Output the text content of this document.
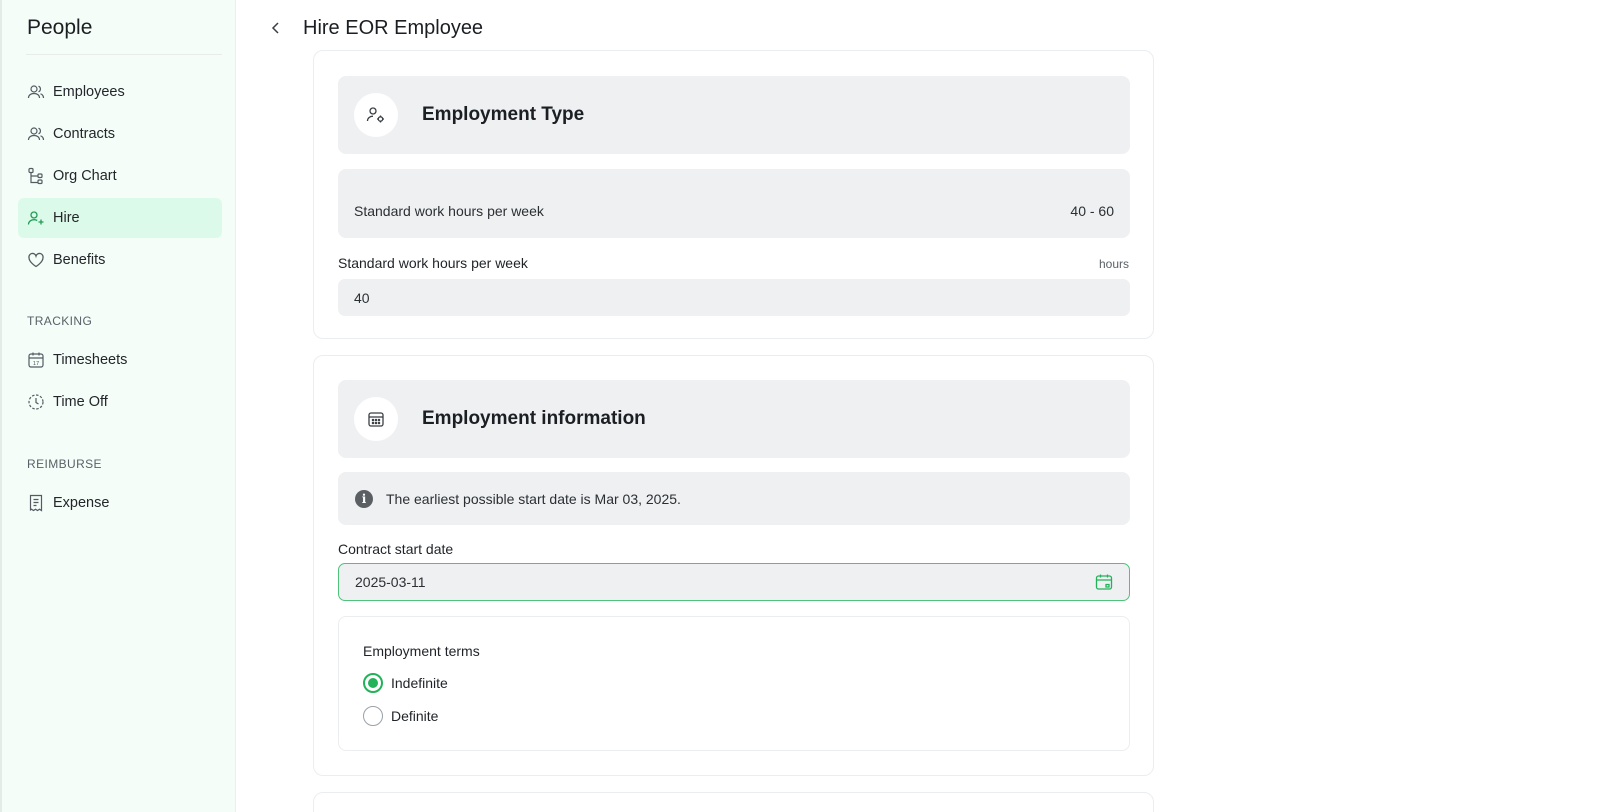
People
Employees
Contracts
Org Chart
Hire
Benefits
TRACKING
17 Timesheets
Time Off
REIMBURSE
Expense
Hire EOR Employee
Employment Type
Standard work hours per week	40 - 60
Standard work hours per week	hours
40
Employment information
i	The earliest possible start date is Mar 03, 2025.
Contract start date
2025-03-11
Employment terms
Indefinite
Definite
